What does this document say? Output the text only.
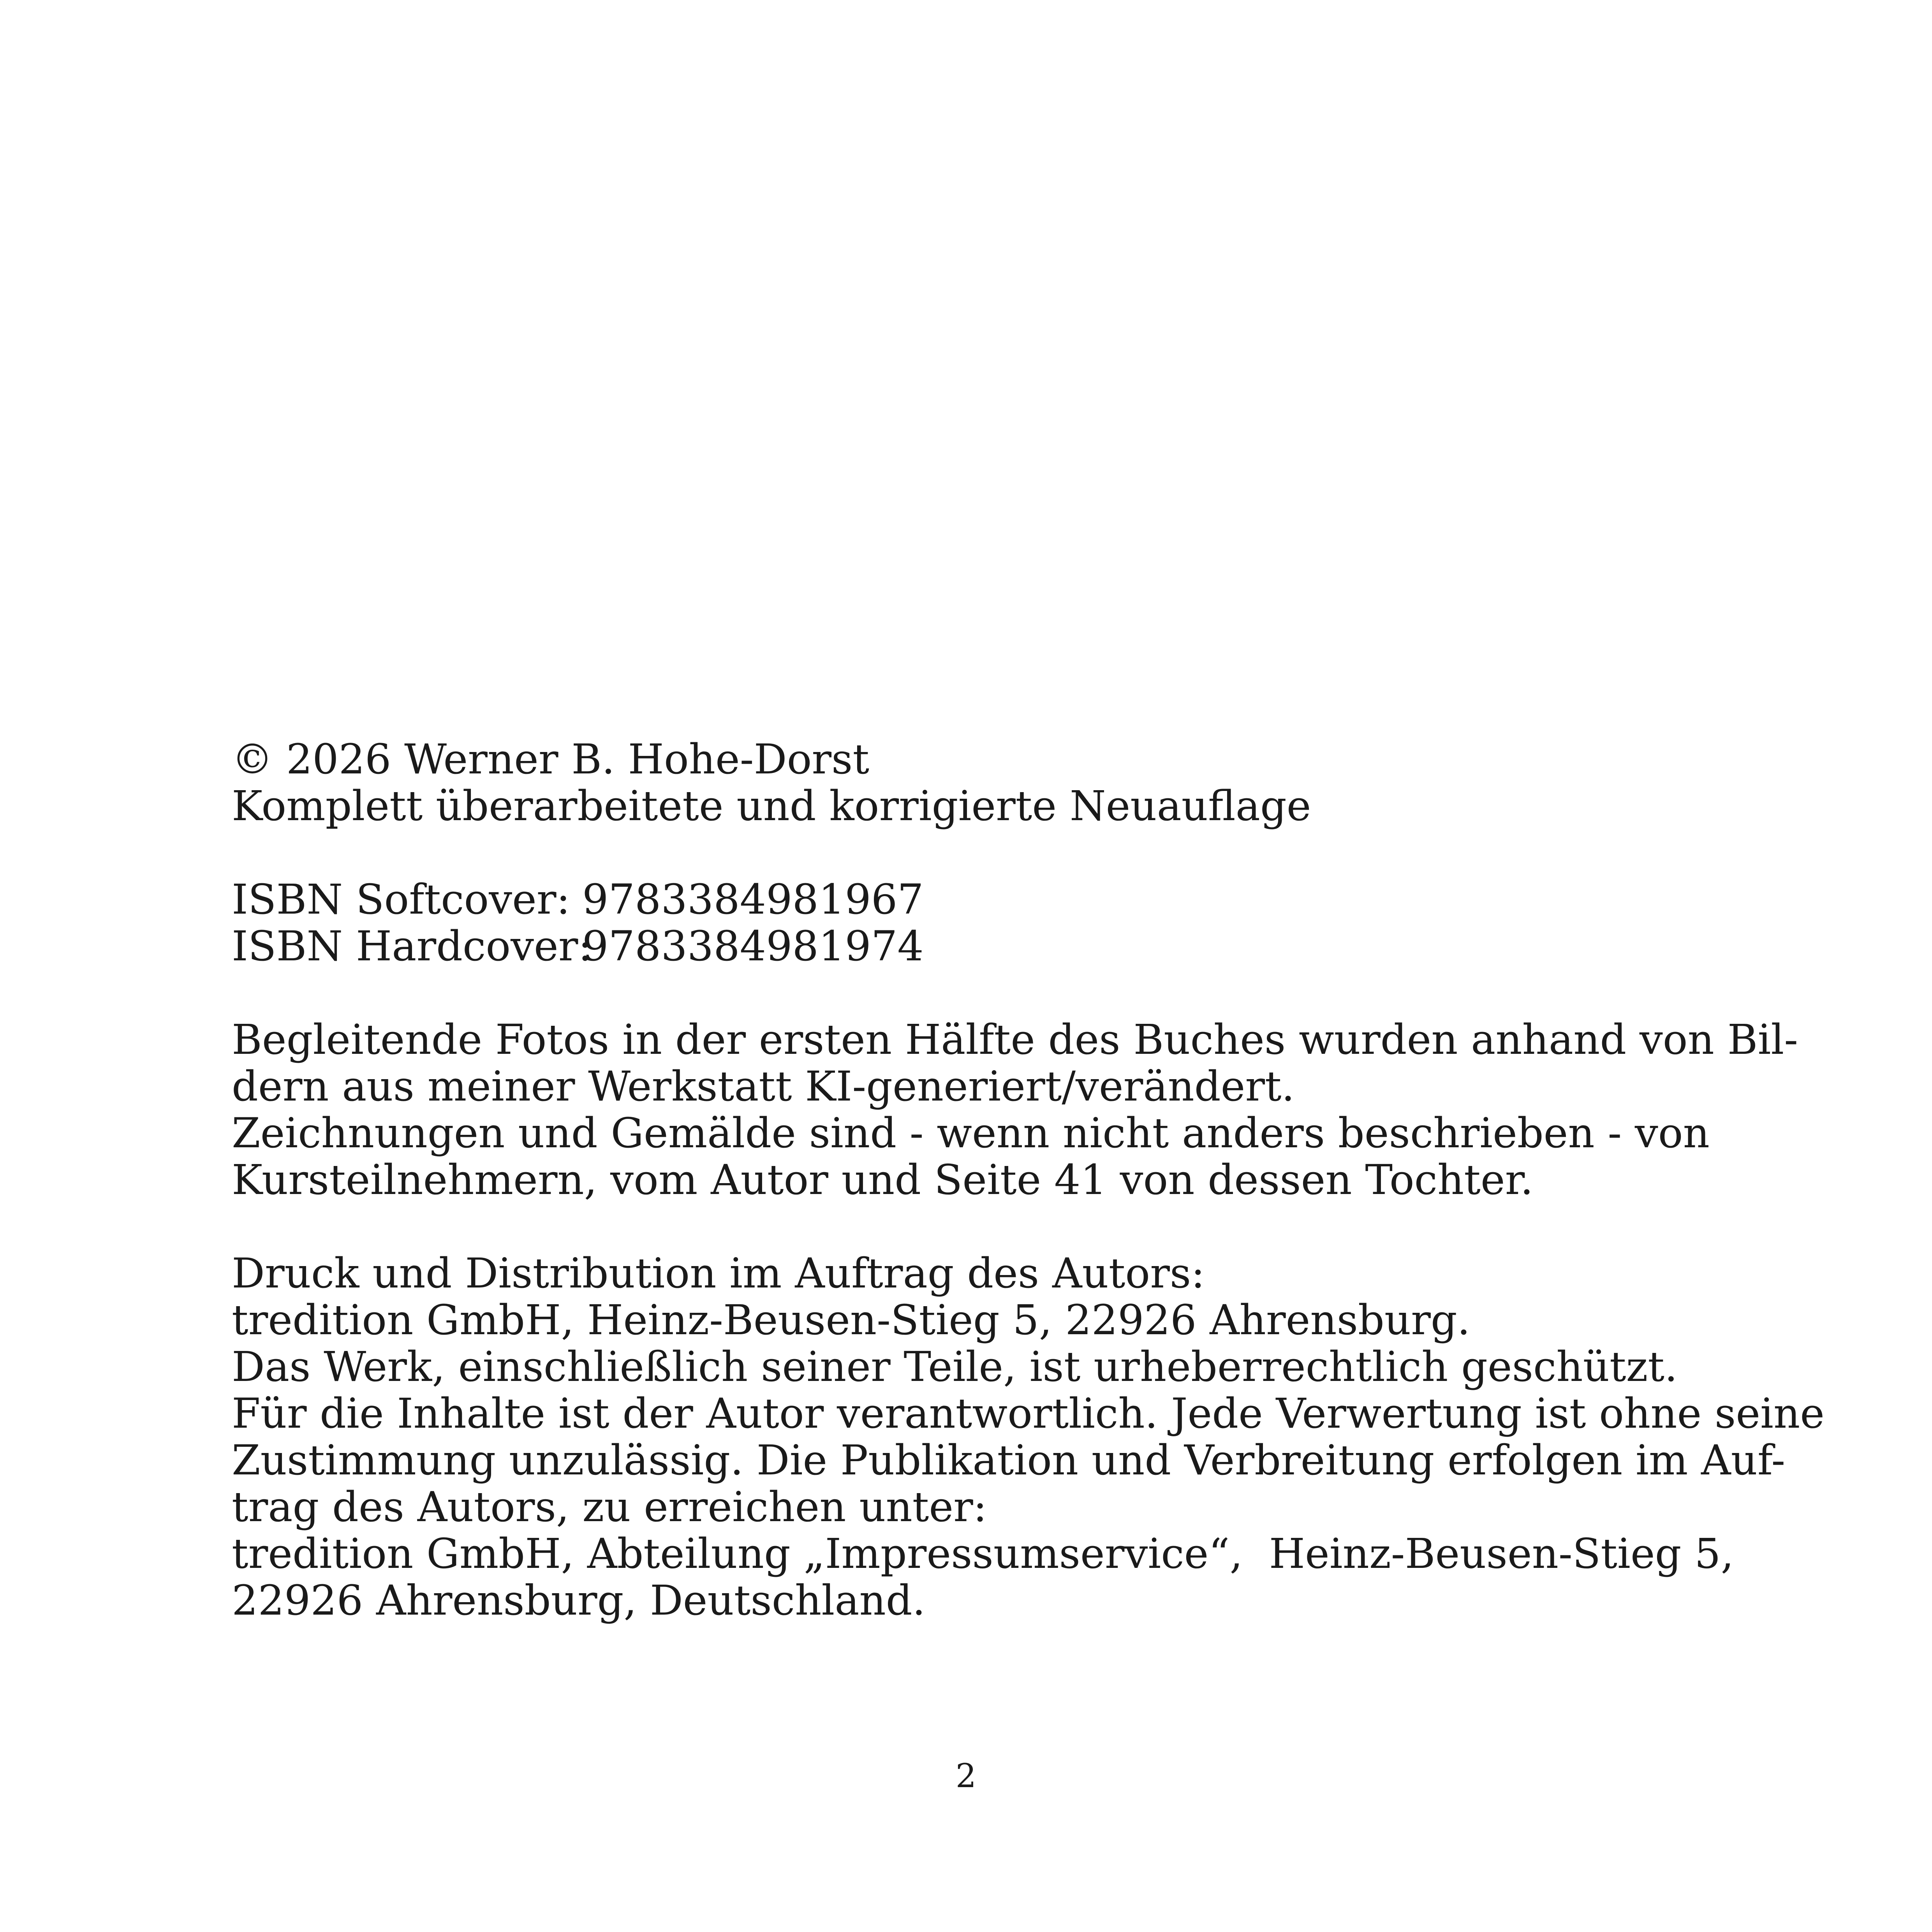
© 2026 Werner B. Hohe-Dorst
Komplett überarbeitete und korrigierte Neuauflage
ISBN Softcover: 9783384981967
ISBN Hardcover:9783384981974
Begleitende Fotos in der ersten Hälfte des Buches wurden anhand von Bil-
dern aus meiner Werkstatt KI-generiert/verändert.
Zeichnungen und Gemälde sind - wenn nicht anders beschrieben - von
Kursteilnehmern, vom Autor und Seite 41 von dessen Tochter.
Druck und Distribution im Auftrag des Autors:
tredition GmbH, Heinz-Beusen-Stieg 5, 22926 Ahrensburg.
Das Werk, einschließlich seiner Teile, ist urheberrechtlich geschützt.
Für die Inhalte ist der Autor verantwortlich. Jede Verwertung ist ohne seine
Zustimmung unzulässig. Die Publikation und Verbreitung erfolgen im Auf-
trag des Autors, zu erreichen unter:
tredition GmbH, Abteilung „Impressumservice“,  Heinz-Beusen-Stieg 5,
22926 Ahrensburg, Deutschland.
2
